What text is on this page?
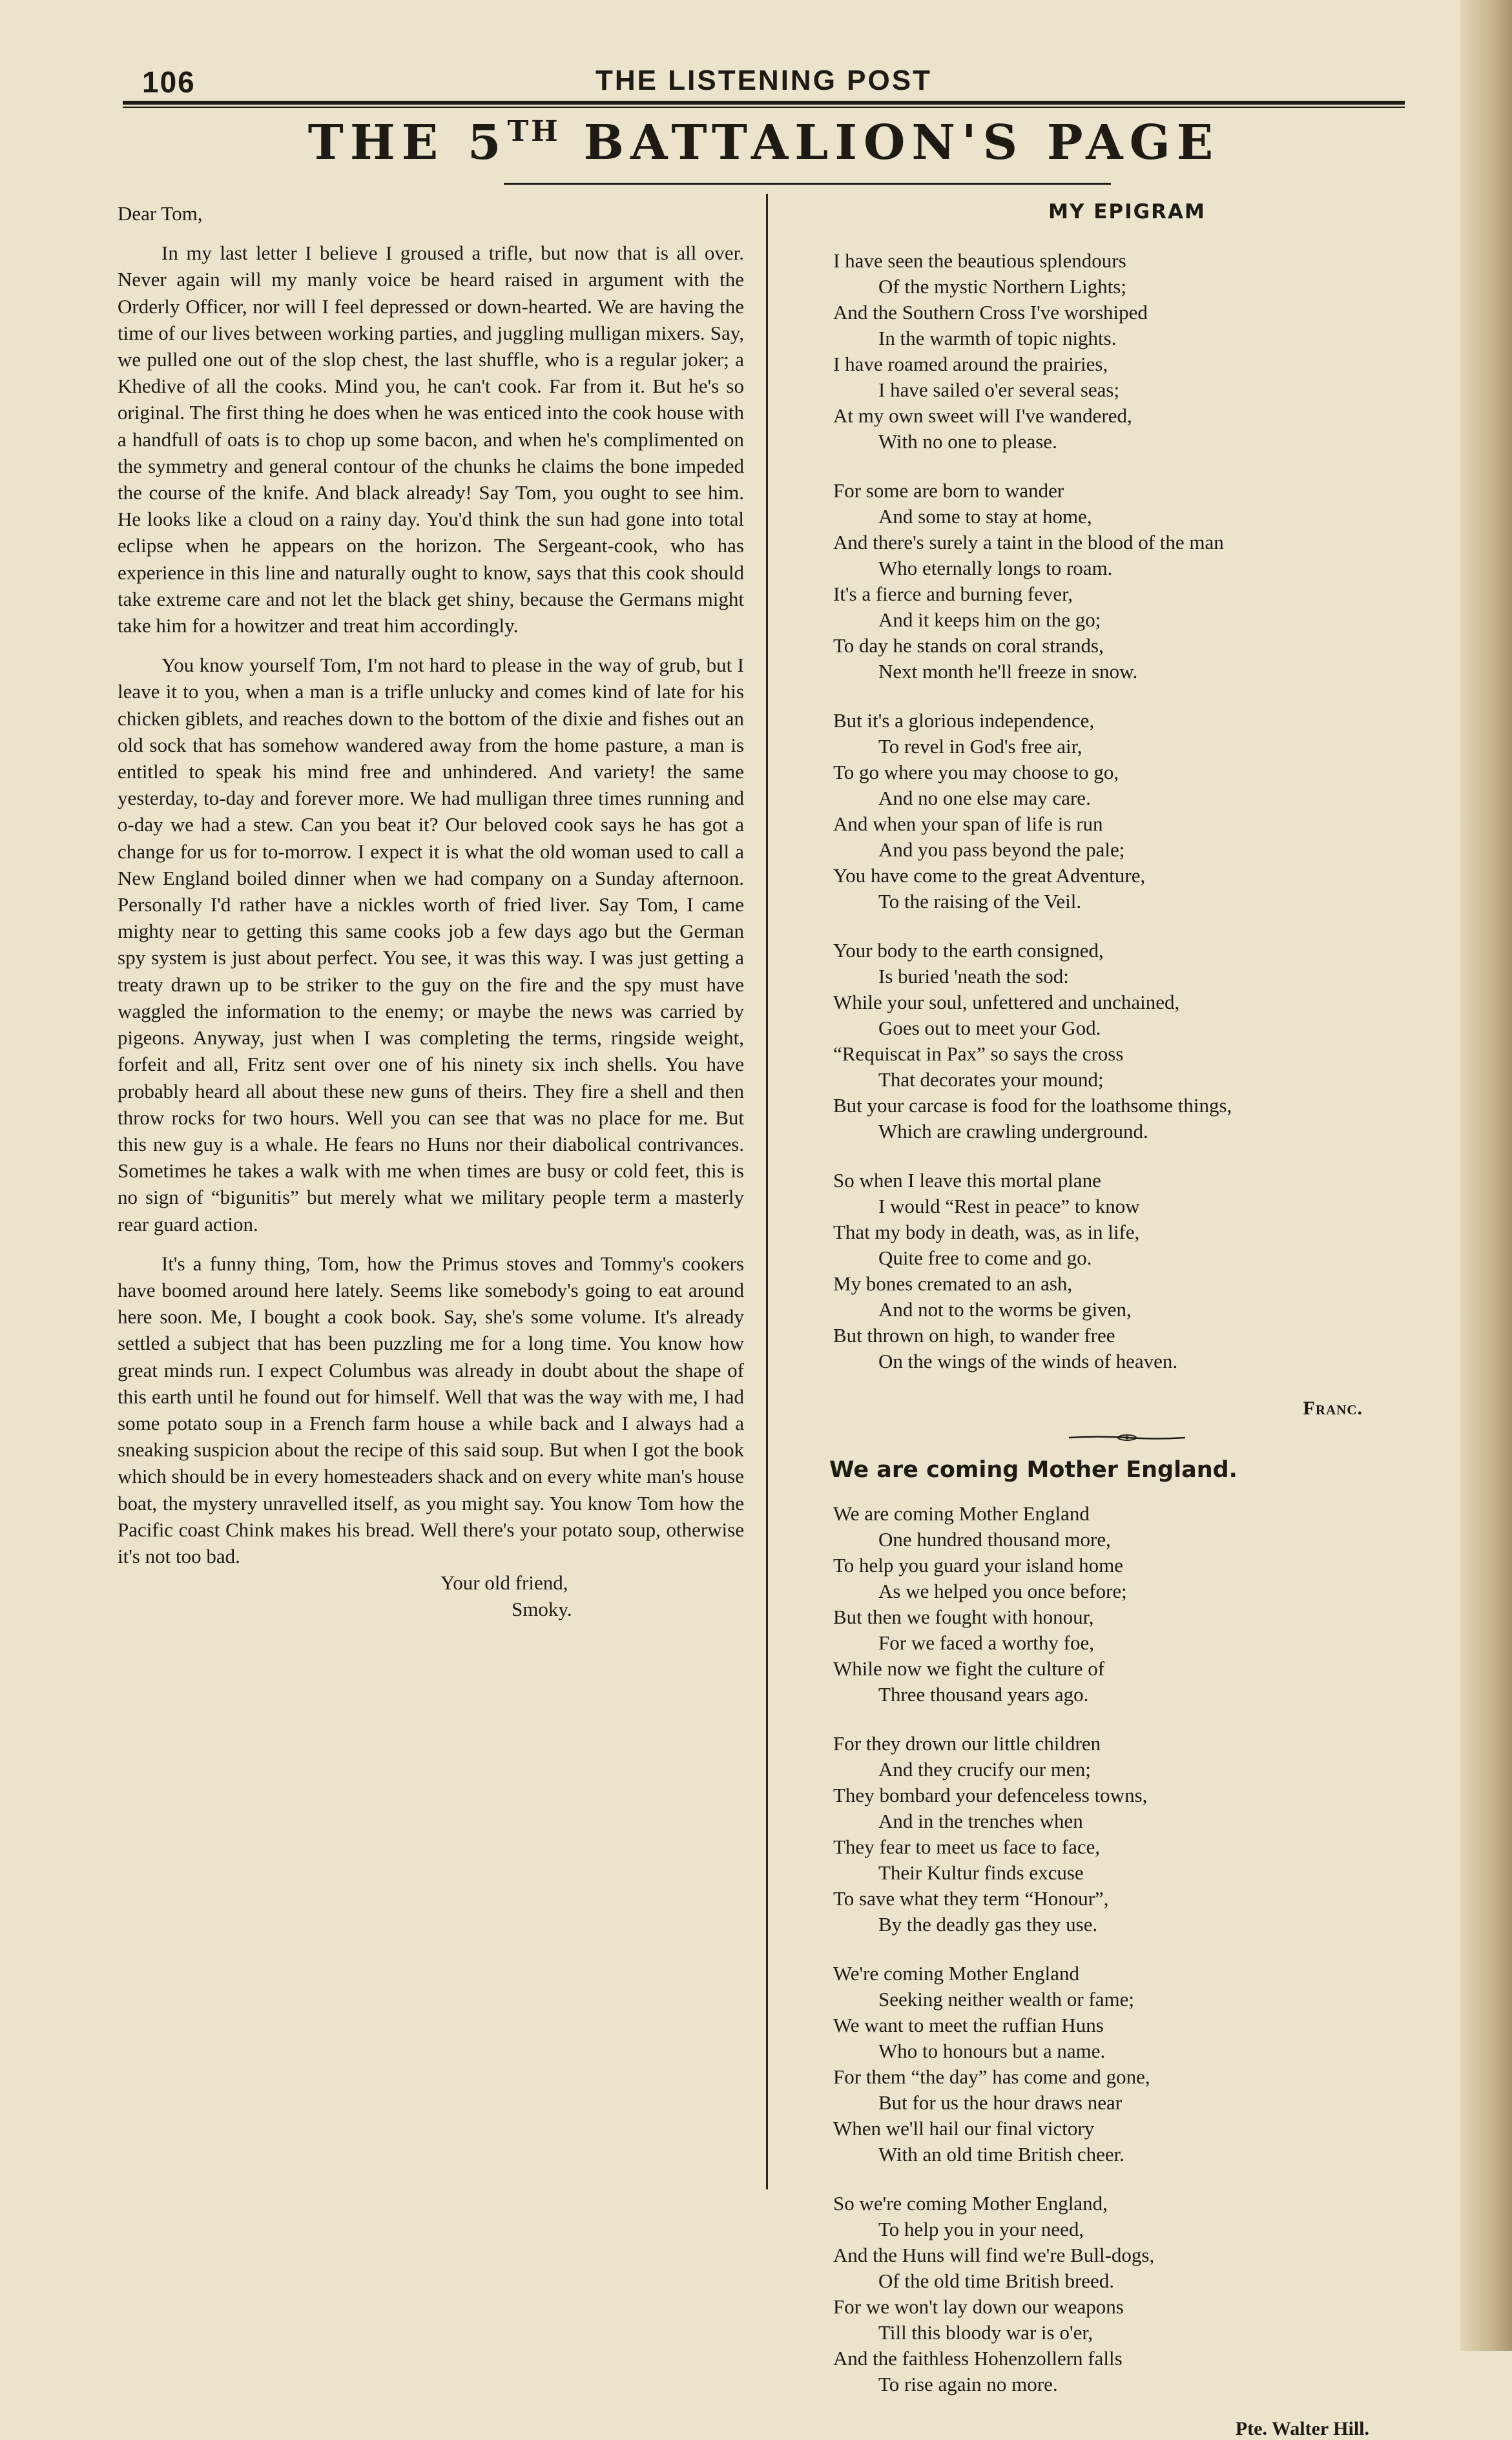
106	THE LISTENING POST
THE 5TH BATTALION'S PAGE

Dear Tom,

In my last letter I believe I groused a trifle, but now that is all over. Never again will my manly voice be heard raised in argument with the Orderly Officer, nor will I feel depressed or down-hearted. We are having the time of our lives between working parties, and juggling mulligan mixers. Say, we pulled one out of the slop chest, the last shuffle, who is a regular joker; a Khedive of all the cooks. Mind you, he can't cook. Far from it. But he's so original. The first thing he does when he was enticed into the cook house with a handfull of oats is to chop up some bacon, and when he's complimented on the symmetry and general contour of the chunks he claims the bone impeded the course of the knife. And black already! Say Tom, you ought to see him. He looks like a cloud on a rainy day. You'd think the sun had gone into total eclipse when he appears on the horizon. The Sergeant-cook, who has experience in this line and naturally ought to know, says that this cook should take extreme care and not let the black get shiny, because the Germans might take him for a howitzer and treat him accordingly.

You know yourself Tom, I'm not hard to please in the way of grub, but I leave it to you, when a man is a trifle unlucky and comes kind of late for his chicken giblets, and reaches down to the bottom of the dixie and fishes out an old sock that has somehow wandered away from the home pasture, a man is entitled to speak his mind free and unhindered. And variety! the same yesterday, to-day and forever more. We had mulligan three times running and o-day we had a stew. Can you beat it? Our beloved cook says he has got a change for us for to-morrow. I expect it is what the old woman used to call a New England boiled dinner when we had company on a Sunday afternoon. Personally I'd rather have a nickles worth of fried liver. Say Tom, I came mighty near to getting this same cooks job a few days ago but the German spy system is just about perfect. You see, it was this way. I was just getting a treaty drawn up to be striker to the guy on the fire and the spy must have waggled the information to the enemy; or maybe the news was carried by pigeons. Anyway, just when I was completing the terms, ringside weight, forfeit and all, Fritz sent over one of his ninety six inch shells. You have probably heard all about these new guns of theirs. They fire a shell and then throw rocks for two hours. Well you can see that was no place for me. But this new guy is a whale. He fears no Huns nor their diabolical contrivances. Sometimes he takes a walk with me when times are busy or cold feet, this is no sign of “bigunitis” but merely what we military people term a masterly rear guard action.

It's a funny thing, Tom, how the Primus stoves and Tommy's cookers have boomed around here lately. Seems like somebody's going to eat around here soon. Me, I bought a cook book. Say, she's some volume. It's already settled a subject that has been puzzling me for a long time. You know how great minds run. I expect Columbus was already in doubt about the shape of this earth until he found out for himself. Well that was the way with me, I had some potato soup in a French farm house a while back and I always had a sneaking suspicion about the recipe of this said soup. But when I got the book which should be in every homesteaders shack and on every white man's house boat, the mystery unravelled itself, as you might say. You know Tom how the Pacific coast Chink makes his bread. Well there's your potato soup, otherwise it's not too bad.

Your old friend,

Smoky.

MY EPIGRAM
I have seen the beautious splendours
Of the mystic Northern Lights;
And the Southern Cross I've worshiped
In the warmth of topic nights.
I have roamed around the prairies,
I have sailed o'er several seas;
At my own sweet will I've wandered,
With no one to please.
For some are born to wander
And some to stay at home,
And there's surely a taint in the blood of the man
Who eternally longs to roam.
It's a fierce and burning fever,
And it keeps him on the go;
To day he stands on coral strands,
Next month he'll freeze in snow.
But it's a glorious independence,
To revel in God's free air,
To go where you may choose to go,
And no one else may care.
And when your span of life is run
And you pass beyond the pale;
You have come to the great Adventure,
To the raising of the Veil.
Your body to the earth consigned,
Is buried 'neath the sod:
While your soul, unfettered and unchained,
Goes out to meet your God.
“Requiscat in Pax” so says the cross
That decorates your mound;
But your carcase is food for the loathsome things,
Which are crawling underground.
So when I leave this mortal plane
I would “Rest in peace” to know
That my body in death, was, as in life,
Quite free to come and go.
My bones cremated to an ash,
And not to the worms be given,
But thrown on high, to wander free
On the wings of the winds of heaven.

Franc.

We are coming Mother England.
We are coming Mother England
One hundred thousand more,
To help you guard your island home
As we helped you once before;
But then we fought with honour,
For we faced a worthy foe,
While now we fight the culture of
Three thousand years ago.
For they drown our little children
And they crucify our men;
They bombard your defenceless towns,
And in the trenches when
They fear to meet us face to face,
Their Kultur finds excuse
To save what they term “Honour”,
By the deadly gas they use.
We're coming Mother England
Seeking neither wealth or fame;
We want to meet the ruffian Huns
Who to honours but a name.
For them “the day” has come and gone,
But for us the hour draws near
When we'll hail our final victory
With an old time British cheer.
So we're coming Mother England,
To help you in your need,
And the Huns will find we're Bull-dogs,
Of the old time British breed.
For we won't lay down our weapons
Till this bloody war is o'er,
And the faithless Hohenzollern falls
To rise again no more.

Pte. Walter Hill.
